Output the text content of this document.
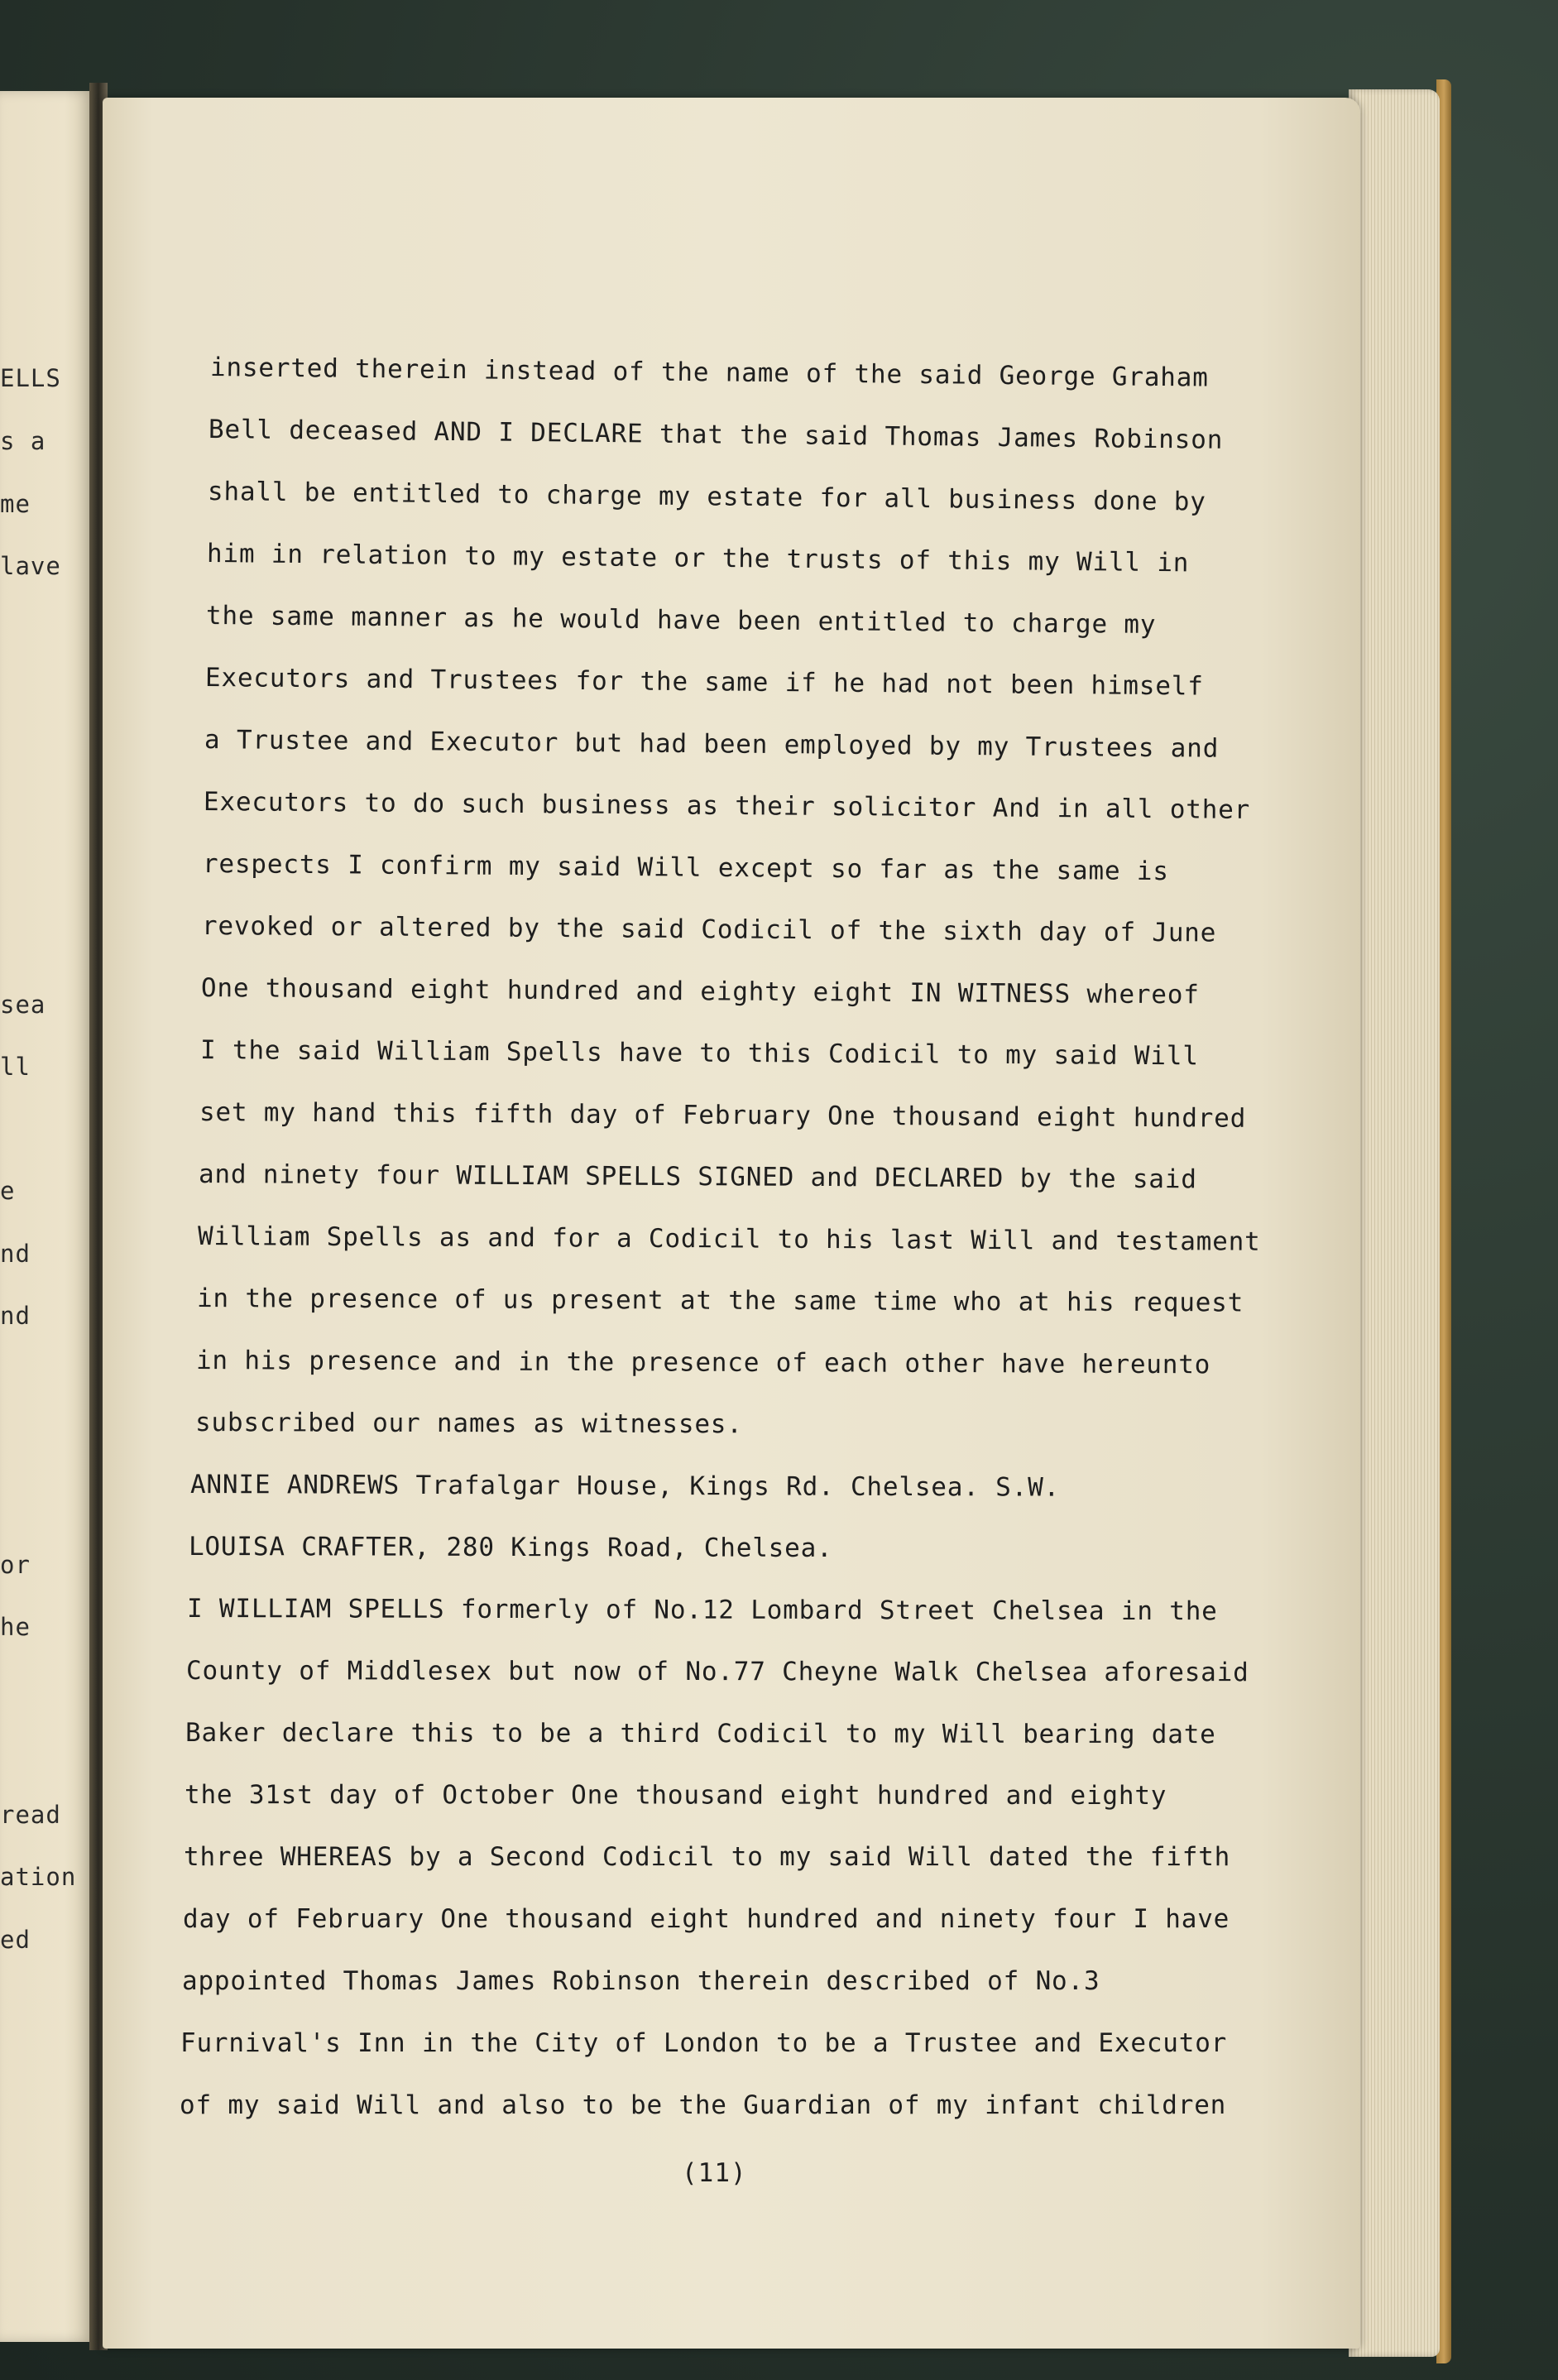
ELLS
s a
me
lave
sea
ll
e
nd
nd
or
he
read
ation
ed
inserted therein instead of the name of the said George Graham
Bell deceased AND I DECLARE that the said Thomas James Robinson
shall be entitled to charge my estate for all business done by
him in relation to my estate or the trusts of this my Will in
the same manner as he would have been entitled to charge my
Executors and Trustees for the same if he had not been himself
a Trustee and Executor but had been employed by my Trustees and
Executors to do such business as their solicitor And in all other
respects I confirm my said Will except so far as the same is
revoked or altered by the said Codicil of the sixth day of June
One thousand eight hundred and eighty eight IN WITNESS whereof
I the said William Spells have to this Codicil to my said Will
set my hand this fifth day of February One thousand eight hundred
and ninety four WILLIAM SPELLS SIGNED and DECLARED by the said
William Spells as and for a Codicil to his last Will and testament
in the presence of us present at the same time who at his request
in his presence and in the presence of each other have hereunto
subscribed our names as witnesses.
ANNIE ANDREWS Trafalgar House, Kings Rd. Chelsea. S.W.
LOUISA CRAFTER, 280 Kings Road, Chelsea.
I WILLIAM SPELLS formerly of No.12 Lombard Street Chelsea in the
County of Middlesex but now of No.77 Cheyne Walk Chelsea aforesaid
Baker declare this to be a third Codicil to my Will bearing date
the 31st day of October One thousand eight hundred and eighty
three WHEREAS by a Second Codicil to my said Will dated the fifth
day of February One thousand eight hundred and ninety four I have
appointed Thomas James Robinson therein described of No.3
Furnival's Inn in the City of London to be a Trustee and Executor
of my said Will and also to be the Guardian of my infant children
(11)
